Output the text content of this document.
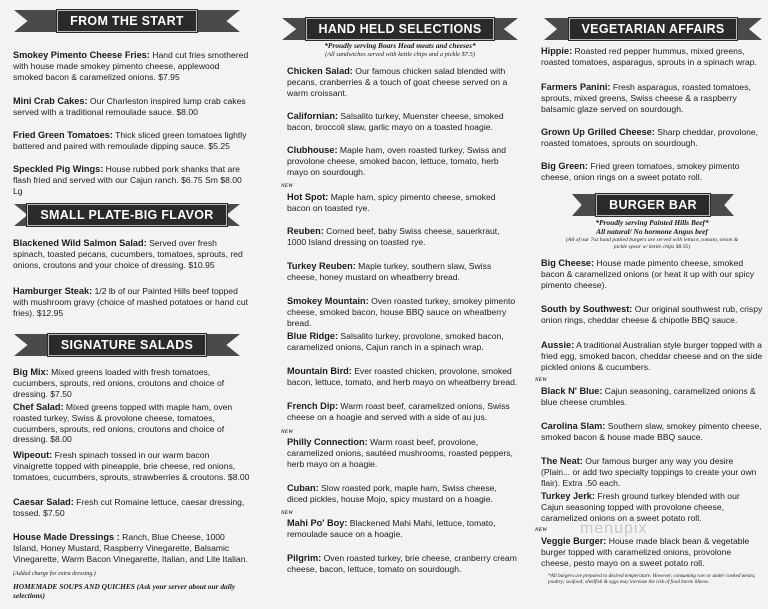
FROM THE START
Smokey Pimento Cheese Fries: Hand cut fries smothered with house made smokey pimento cheese, applewood smoked bacon & caramelized onions. $7.95
Mini Crab Cakes: Our Charleston inspired lump crab cakes served with a traditional remoulade sauce. $8.00
Fried Green Tomatoes: Thick sliced green tomatoes lightly battered and paired with remoulade dipping sauce. $5.25
Speckled Pig Wings: House rubbed pork shanks that are flash fried and served with our Cajun ranch. $6.75 Sm $8.00 Lg
SMALL PLATE-BIG FLAVOR
Blackened Wild Salmon Salad: Served over fresh spinach, toasted pecans, cucumbers, tomatoes, sprouts, red onions, croutons and your choice of dressing. $10.95
Hamburger Steak: 1/2 lb of our Painted Hills beef topped with mushroom gravy (choice of mashed potatoes or hand cut fries). $12.95
SIGNATURE SALADS
Big Mix: Mixed greens loaded with fresh tomatoes, cucumbers, sprouts, red onions, croutons and choice of dressing. $7.50
Chef Salad: Mixed greens topped with maple ham, oven roasted turkey, Swiss & provolone cheese, tomatoes, cucumbers, sprouts, red onions, croutons and choice of dressing. $8.00
Wipeout: Fresh spinach tossed in our warm bacon vinaigrette topped with pineapple, brie cheese, red onions, tomatoes, cucumbers, sprouts, strawberries & croutons. $8.00
Caesar Salad: Fresh cut Romaine lettuce, caesar dressing, tossed. $7.50
House Made Dressings : Ranch, Blue Cheese, 1000 Island, Honey Mustard, Raspberry Vinegarette, Balsamic Vinegarette, Warm Bacon Vinegarette, Italian, and Lite Italian.
(Added charge for extra dressing.)
HOMEMADE SOUPS AND QUICHES (Ask your server about our daily selections)
HAND HELD SELECTIONS
*Proudly serving Boars Head meats and cheeses*
(All sandwiches served with kettle chips and a pickle $7.5)
Chicken Salad: Our famous chicken salad blended with pecans, cranberries & a touch of goat cheese served on a warm croissant.
Californian: Salsalito turkey, Muenster cheese, smoked bacon, broccoli slaw, garlic mayo on a toasted hoagie.
Clubhouse: Maple ham, oven roasted turkey, Swiss and provolone cheese, smoked bacon, lettuce, tomato, herb mayo on sourdough.
NEW
Hot Spot: Maple ham, spicy pimento cheese, smoked bacon on toasted rye.
Reuben: Corned beef, baby Swiss cheese, sauerkraut, 1000 Island dressing on toasted rye.
Turkey Reuben: Maple turkey, southern slaw, Swiss cheese, honey mustard on wheatberry bread.
Smokey Mountain: Oven roasted turkey, smokey pimento cheese, smoked bacon, house BBQ sauce on wheatberry bread.
Blue Ridge: Salsalito turkey, provolone, smoked bacon, caramelized onions, Cajun ranch in a spinach wrap.
Mountain Bird: Ever roasted chicken, provolone, smoked bacon, lettuce, tomato, and herb mayo on wheatberry bread.
French Dip: Warm roast beef, caramelized onions, Swiss cheese on a hoagie and served with a side of au jus.
NEW
Philly Connection: Warm roast beef, provolone, caramelized onions, sautéed mushrooms, roasted peppers, herb mayo on a hoagie.
Cuban: Slow roasted pork, maple ham, Swiss cheese, diced pickles, house Mojo, spicy mustard on a hoagie.
NEW
Mahi Po' Boy: Blackened Mahi Mahi, lettuce, tomato, remoulade sauce on a hoagie.
Pilgrim: Oven roasted turkey, brie cheese, cranberry cream cheese, bacon, lettuce, tomato on sourdough.
VEGETARIAN AFFAIRS
Hippie: Roasted red pepper hummus, mixed greens, roasted tomatoes, asparagus, sprouts in a spinach wrap.
Farmers Panini: Fresh asparagus, roasted tomatoes, sprouts, mixed greens, Swiss cheese & a raspberry balsamic glaze served on sourdough.
Grown Up Grilled Cheese: Sharp cheddar, provolone, roasted tomatoes, sprouts on sourdough.
Big Green: Fried green tomatoes, smokey pimento cheese, onion rings on a sweet potato roll.
BURGER BAR
*Proudly serving Painted Hills Beef*
All natural/ No hormone Angus beef
(All of our 7oz hand pattied burgers are served with lettuce, tomato, onion & pickle spear w/ kettle chips $8.95)
Big Cheese: House made pimento cheese, smoked bacon & caramelized onions (or heat it up with our spicy pimento cheese).
South by Southwest: Our original southwest rub, crispy onion rings, cheddar cheese & chipotle BBQ sauce.
Aussie: A traditional Australian style burger topped with a fried egg, smoked bacon, cheddar cheese and on the side pickled onions & cucumbers.
NEW
Black N' Blue: Cajun seasoning, caramelized onions & blue cheese crumbles.
Carolina Slam: Southern slaw, smokey pimento cheese, smoked bacon & house made BBQ sauce.
The Neat: Our famous burger any way you desire (Plain... or add two specialty toppings to create your own flair). Extra .50 each.
Turkey Jerk: Fresh ground turkey blended with our Cajun seasoning topped with provolone cheese, caramelized onions on a sweet potato roll.
NEW
Veggie Burger: House made black bean & vegetable burger topped with caramelized onions, provolone cheese, pesto mayo on a sweet potato roll.
*All burgers are prepared to desired temperature. However, consuming raw or under cooked meats; poultry; seafood; shellfish & eggs may increase the risk of food borne illness.
menupix
